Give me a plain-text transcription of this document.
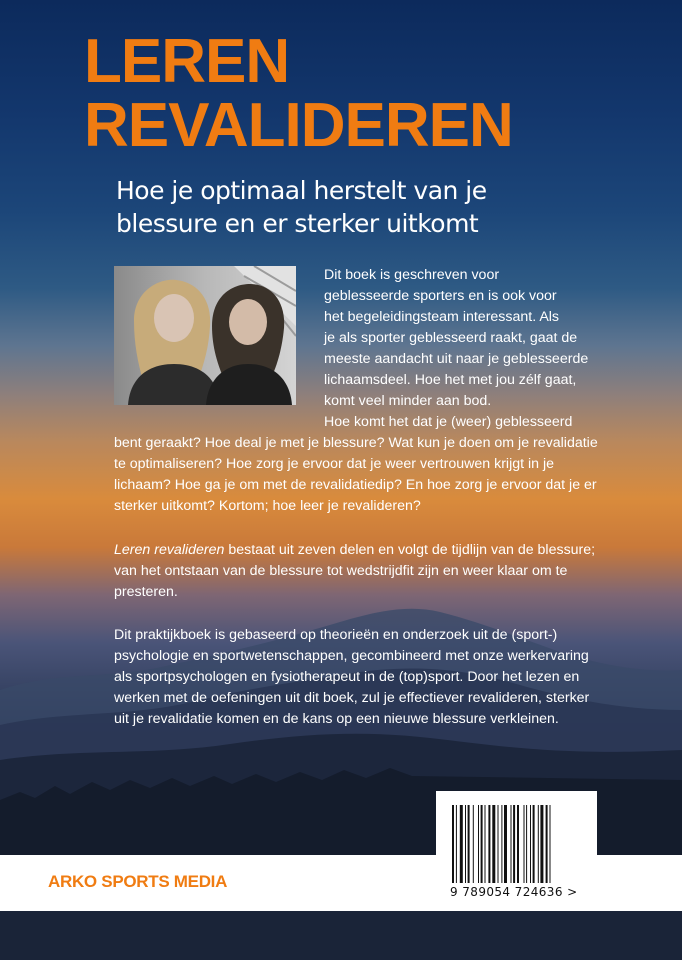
LEREN
REVALIDEREN
Hoe je optimaal herstelt van je
blessure en er sterker uitkomt
Dit boek is geschreven voor
geblesseerde sporters en is ook voor
het begeleidingsteam interessant. Als
je als sporter geblesseerd raakt, gaat de
meeste aandacht uit naar je geblesseerde
lichaamsdeel. Hoe het met jou zélf gaat,
komt veel minder aan bod.
Hoe komt het dat je (weer) geblesseerd
bent geraakt? Hoe deal je met je blessure? Wat kun je doen om je revalidatie
te optimaliseren? Hoe zorg je ervoor dat je weer vertrouwen krijgt in je
lichaam? Hoe ga je om met de revalidatiedip? En hoe zorg je ervoor dat je er
sterker uitkomt? Kortom; hoe leer je revalideren?
Leren revalideren bestaat uit zeven delen en volgt de tijdlijn van de blessure;
van het ontstaan van de blessure tot wedstrijdfit zijn en weer klaar om te
presteren.
Dit praktijkboek is gebaseerd op theorieën en onderzoek uit de (sport-)
psychologie en sportwetenschappen, gecombineerd met onze werkervaring
als sportpsychologen en fysiotherapeut in de (top)sport. Door het lezen en
werken met de oefeningen uit dit boek, zul je effectiever revalideren, sterker
uit je revalidatie komen en de kans op een nieuwe blessure verkleinen.

ARKO SPORTS MEDIA

9 789054 724636 >
